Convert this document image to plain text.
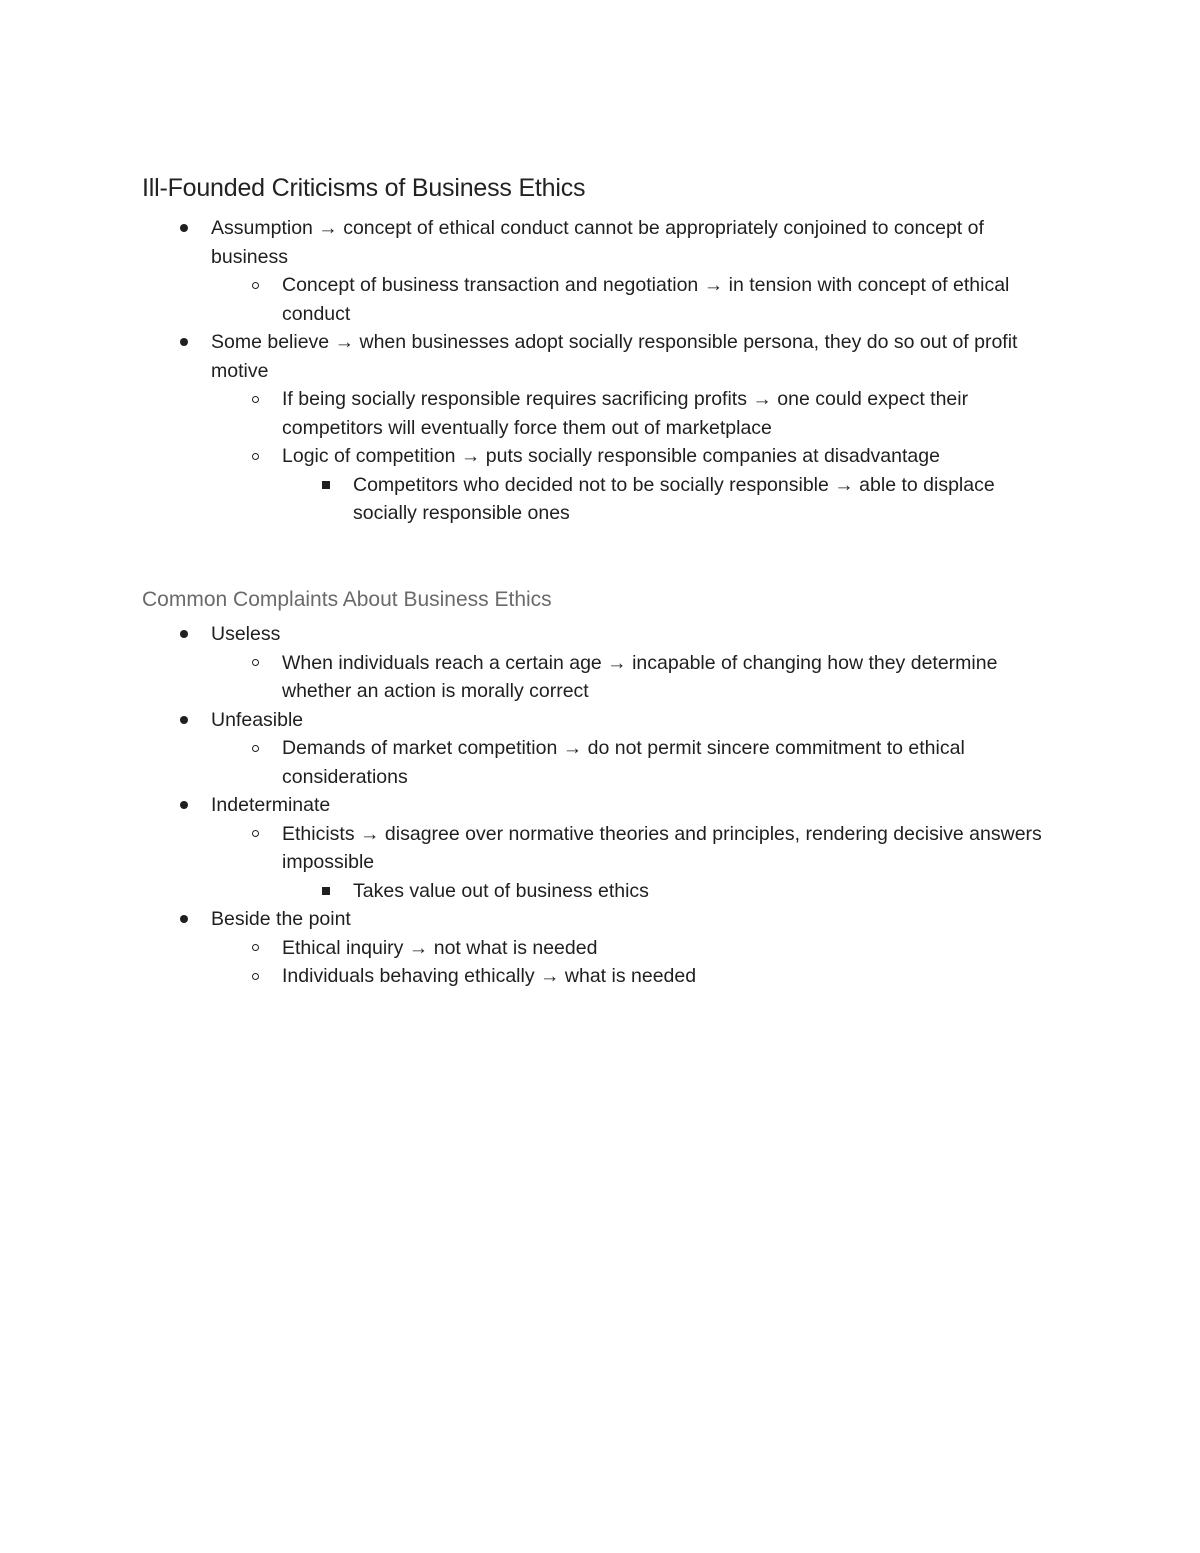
Ill-Founded Criticisms of Business Ethics
Assumption → concept of ethical conduct cannot be appropriately conjoined to concept of business
Concept of business transaction and negotiation → in tension with concept of ethical conduct
Some believe → when businesses adopt socially responsible persona, they do so out of profit motive
If being socially responsible requires sacrificing profits → one could expect their competitors will eventually force them out of marketplace
Logic of competition → puts socially responsible companies at disadvantage
Competitors who decided not to be socially responsible → able to displace socially responsible ones
Common Complaints About Business Ethics
Useless
When individuals reach a certain age → incapable of changing how they determine whether an action is morally correct
Unfeasible
Demands of market competition → do not permit sincere commitment to ethical considerations
Indeterminate
Ethicists → disagree over normative theories and principles, rendering decisive answers impossible
Takes value out of business ethics
Beside the point
Ethical inquiry → not what is needed
Individuals behaving ethically → what is needed
